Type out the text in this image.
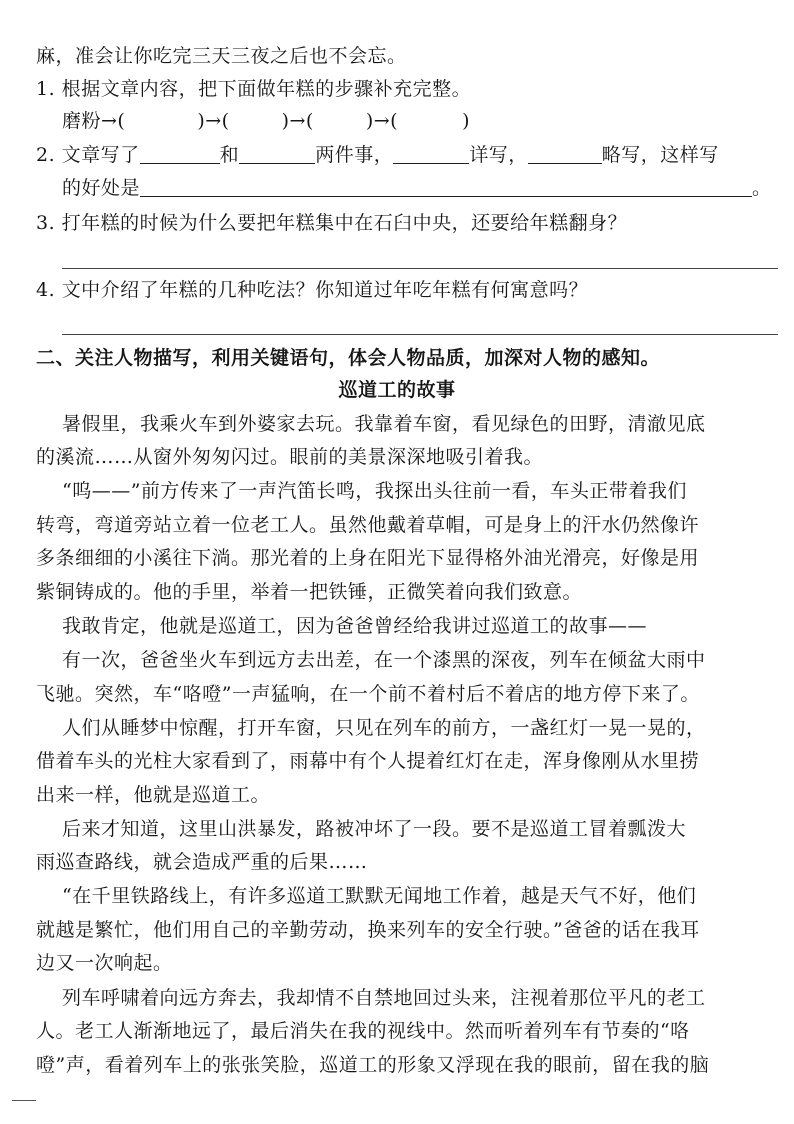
麻，准会让你吃完三天三夜之后也不会忘。
1. 根据文章内容，把下面做年糕的步骤补充完整。
磨粉→(	)→(	)→(	)→(	)
2. 文章写了	和	两件事，	详写，	略写，这样写
的好处是	。
3. 打年糕的时候为什么要把年糕集中在石臼中央，还要给年糕翻身？
4. 文中介绍了年糕的几种吃法？你知道过年吃年糕有何寓意吗？
二、关注人物描写，利用关键语句，体会人物品质，加深对人物的感知。
巡道工的故事
暑假里，我乘火车到外婆家去玩。我靠着车窗，看见绿色的田野，清澈见底
的溪流……从窗外匆匆闪过。眼前的美景深深地吸引着我。
“呜——”前方传来了一声汽笛长鸣，我探出头往前一看，车头正带着我们
转弯，弯道旁站立着一位老工人。虽然他戴着草帽，可是身上的汗水仍然像许
多条细细的小溪往下淌。那光着的上身在阳光下显得格外油光滑亮，好像是用
紫铜铸成的。他的手里，举着一把铁锤，正微笑着向我们致意。
我敢肯定，他就是巡道工，因为爸爸曾经给我讲过巡道工的故事——
有一次，爸爸坐火车到远方去出差，在一个漆黑的深夜，列车在倾盆大雨中
飞驰。突然，车“咯噔”一声猛响，在一个前不着村后不着店的地方停下来了。
人们从睡梦中惊醒，打开车窗，只见在列车的前方，一盏红灯一晃一晃的，
借着车头的光柱大家看到了，雨幕中有个人提着红灯在走，浑身像刚从水里捞
出来一样，他就是巡道工。
后来才知道，这里山洪暴发，路被冲坏了一段。要不是巡道工冒着瓢泼大
雨巡查路线，就会造成严重的后果……
“在千里铁路线上，有许多巡道工默默无闻地工作着，越是天气不好，他们
就越是繁忙，他们用自己的辛勤劳动，换来列车的安全行驶。”爸爸的话在我耳
边又一次响起。
列车呼啸着向远方奔去，我却情不自禁地回过头来，注视着那位平凡的老工
人。老工人渐渐地远了，最后消失在我的视线中。然而听着列车有节奏的“咯
噔”声，看着列车上的张张笑脸，巡道工的形象又浮现在我的眼前，留在我的脑
